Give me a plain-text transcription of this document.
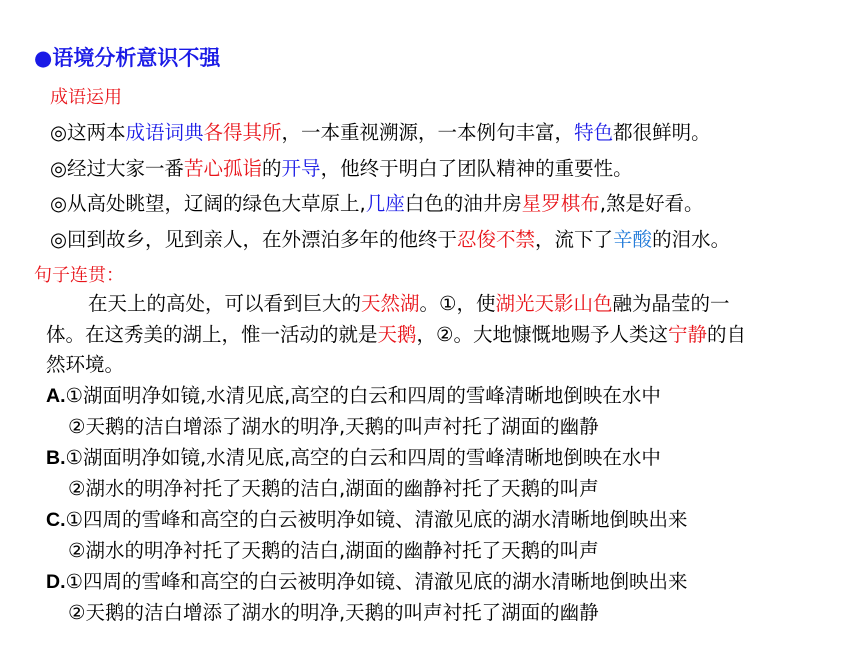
●语境分析意识不强
成语运用
◎这两本成语词典各得其所，一本重视溯源，一本例句丰富，特色都很鲜明。
◎经过大家一番苦心孤诣的开导，他终于明白了团队精神的重要性。
◎从高处眺望，辽阔的绿色大草原上,几座白色的油井房星罗棋布,煞是好看。
◎回到故乡，见到亲人，在外漂泊多年的他终于忍俊不禁，流下了辛酸的泪水。
句子连贯：
在天上的高处，可以看到巨大的天然湖。①，使湖光天影山色融为晶莹的一
体。在这秀美的湖上，惟一活动的就是天鹅，②。大地慷慨地赐予人类这宁静的自
然环境。
A.①湖面明净如镜,水清见底,高空的白云和四周的雪峰清晰地倒映在水中
②天鹅的洁白增添了湖水的明净,天鹅的叫声衬托了湖面的幽静
B.①湖面明净如镜,水清见底,高空的白云和四周的雪峰清晰地倒映在水中
②湖水的明净衬托了天鹅的洁白,湖面的幽静衬托了天鹅的叫声
C.①四周的雪峰和高空的白云被明净如镜、清澈见底的湖水清晰地倒映出来
②湖水的明净衬托了天鹅的洁白,湖面的幽静衬托了天鹅的叫声
D.①四周的雪峰和高空的白云被明净如镜、清澈见底的湖水清晰地倒映出来
②天鹅的洁白增添了湖水的明净,天鹅的叫声衬托了湖面的幽静
